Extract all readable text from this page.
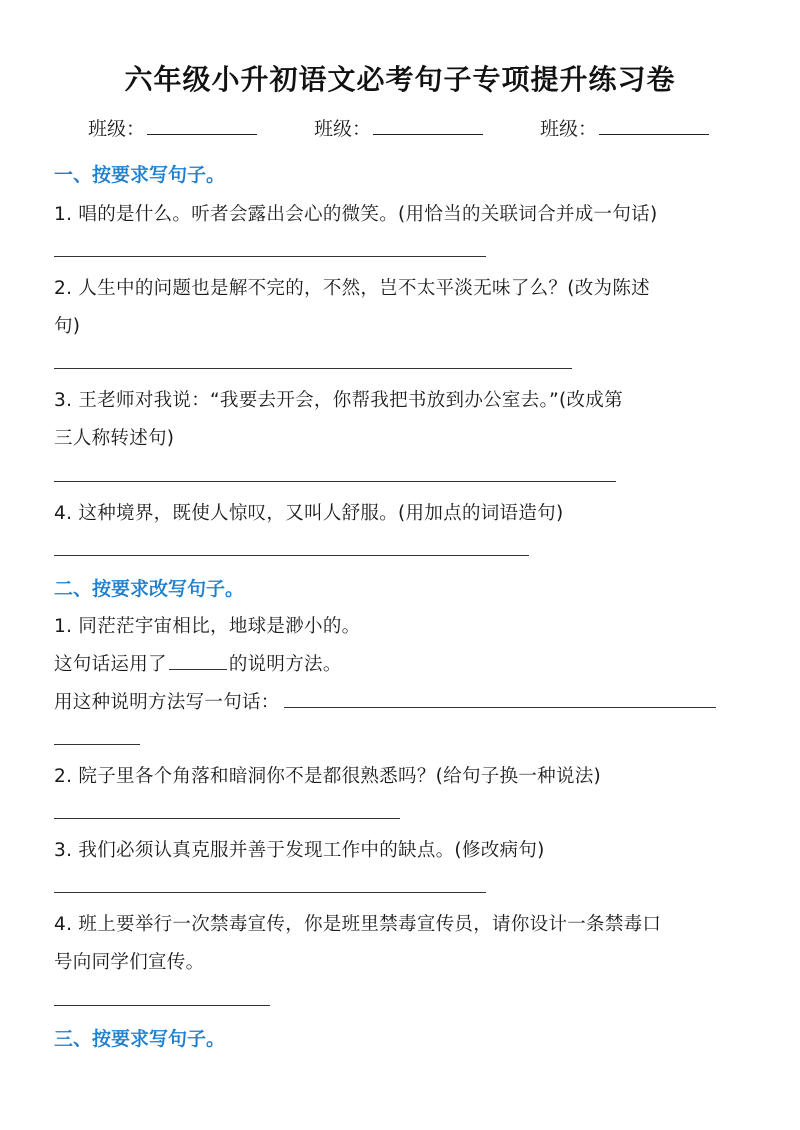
六年级小升初语文必考句子专项提升练习卷
班级：	班级：	班级：
一、按要求写句子。
1. 唱的是什么。听者会露出会心的微笑。(用恰当的关联词合并成一句话)
2. 人生中的问题也是解不完的，不然，岂不太平淡无味了么？(改为陈述
句)
3. 王老师对我说：“我要去开会，你帮我把书放到办公室去。”(改成第
三人称转述句)
4. 这种境界，既使人惊叹，又叫人舒服。(用加点的词语造句)
二、按要求改写句子。
1. 同茫茫宇宙相比，地球是渺小的。
这句话运用了	的说明方法。
用这种说明方法写一句话：
2. 院子里各个角落和暗洞你不是都很熟悉吗？(给句子换一种说法)
3. 我们必须认真克服并善于发现工作中的缺点。(修改病句)
4. 班上要举行一次禁毒宣传，你是班里禁毒宣传员，请你设计一条禁毒口
号向同学们宣传。
三、按要求写句子。
